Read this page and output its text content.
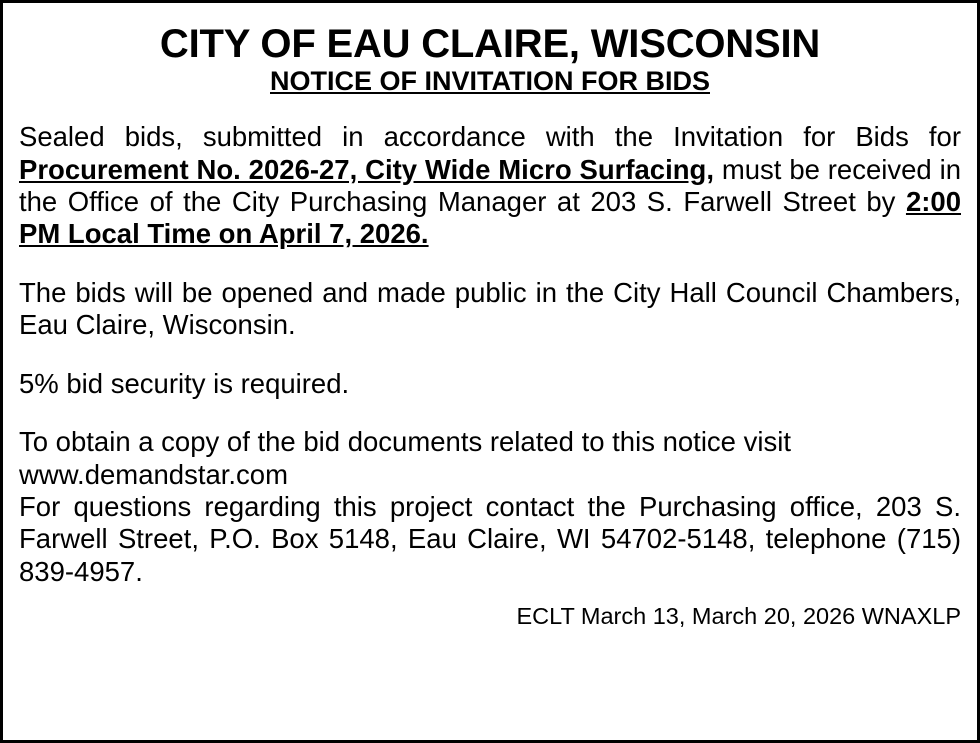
CITY OF EAU CLAIRE, WISCONSIN
NOTICE OF INVITATION FOR BIDS

Sealed bids, submitted in accordance with the Invitation for Bids for Procurement No. 2026-27, City Wide Micro Surfacing, must be received in the Office of the City Purchasing Manager at 203 S. Farwell Street by 2:00 PM Local Time on April 7, 2026.

The bids will be opened and made public in the City Hall Council Chambers, Eau Claire, Wisconsin.

5% bid security is required.

To obtain a copy of the bid documents related to this notice visit

www.demandstar.com

For questions regarding this project contact the Purchasing office, 203 S. Farwell Street, P.O. Box 5148, Eau Claire, WI 54702-5148, telephone (715) 839-4957.

ECLT March 13, March 20, 2026 WNAXLP
